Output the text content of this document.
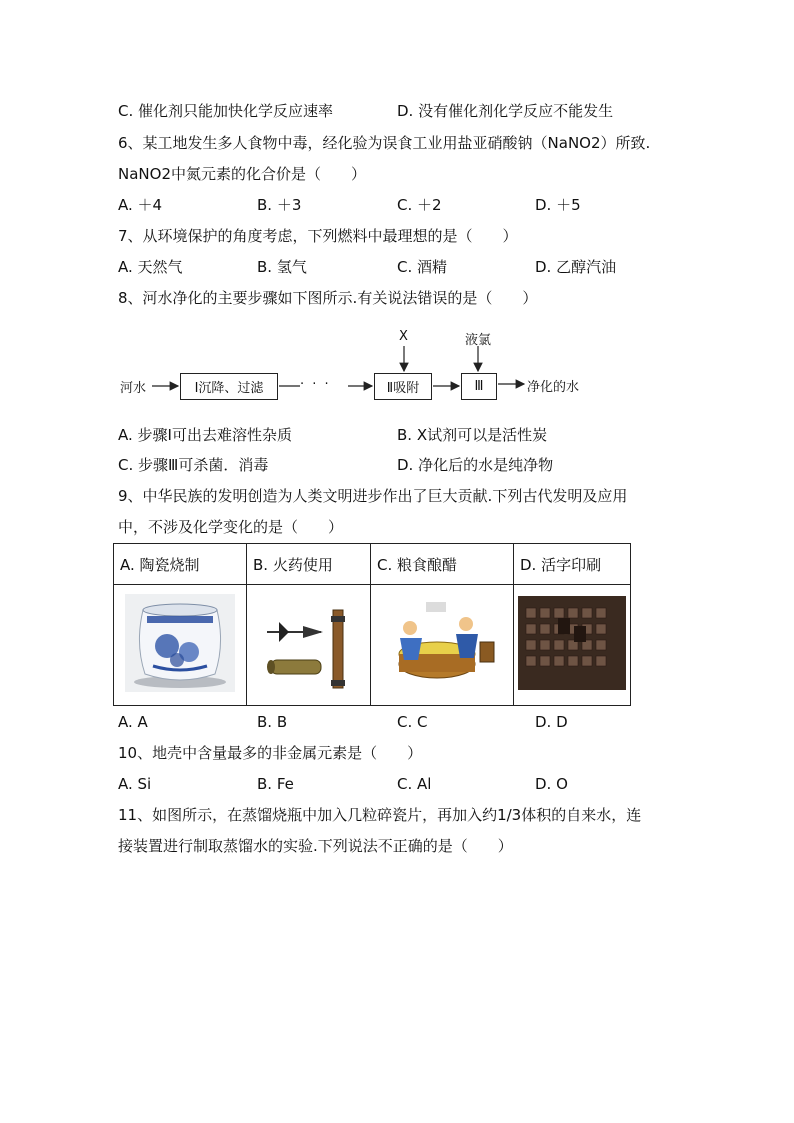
C. 催化剂只能加快化学反应速率	D. 没有催化剂化学反应不能发生
6、某工地发生多人食物中毒，经化验为误食工业用盐亚硝酸钠（NaNO2）所致.
NaNO2中氮元素的化合价是（　　）
A. ＋4	B. ＋3	C. ＋2	D. ＋5
7、从环境保护的角度考虑，下列燃料中最理想的是（　　）
A. 天然气	B. 氢气	C. 酒精	D. 乙醇汽油
8、河水净化的主要步骤如下图所示.有关说法错误的是（　　）
河水	Ⅰ沉降、过滤	· · ·	Ⅱ吸附	Ⅲ	净化的水
X	液氯
A. 步骤Ⅰ可出去难溶性杂质	B. X试剂可以是活性炭
C. 步骤Ⅲ可杀菌．消毒	D. 净化后的水是纯净物
9、中华民族的发明创造为人类文明进步作出了巨大贡献.下列古代发明及应用
中，不涉及化学变化的是（　　）
A. 陶瓷烧制	B. 火药使用	C. 粮食酿醋	D. 活字印刷

A. A	B. B	C. C	D. D
10、地壳中含量最多的非金属元素是（　　）
A. Si	B. Fe	C. Al	D. O
11、如图所示，在蒸馏烧瓶中加入几粒碎瓷片，再加入约1/3体积的自来水，连
接装置进行制取蒸馏水的实验.下列说法不正确的是（　　）
